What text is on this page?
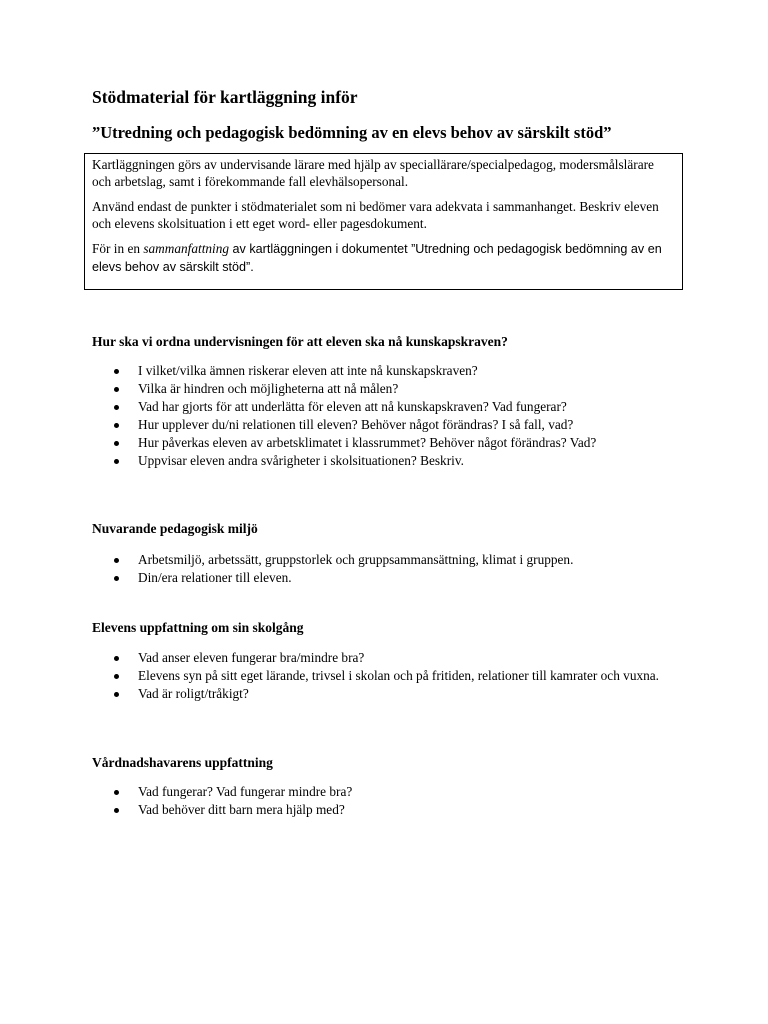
Stödmaterial för kartläggning inför
”Utredning och pedagogisk bedömning av en elevs behov av särskilt stöd”

Kartläggningen görs av undervisande lärare med hjälp av speciallärare/specialpedagog, modersmålslärare och arbetslag, samt i förekommande fall elevhälsopersonal.

Använd endast de punkter i stödmaterialet som ni bedömer vara adekvata i sammanhanget. Beskriv eleven och elevens skolsituation i ett eget word- eller pagesdokument.

För in en sammanfattning av kartläggningen i dokumentet ”Utredning och pedagogisk bedömning av en elevs behov av särskilt stöd”.

Hur ska vi ordna undervisningen för att eleven ska nå kunskapskraven?
I vilket/vilka ämnen riskerar eleven att inte nå kunskapskraven?
Vilka är hindren och möjligheterna att nå målen?
Vad har gjorts för att underlätta för eleven att nå kunskapskraven? Vad fungerar?
Hur upplever du/ni relationen till eleven? Behöver något förändras? I så fall, vad?
Hur påverkas eleven av arbetsklimatet i klassrummet? Behöver något förändras? Vad?
Uppvisar eleven andra svårigheter i skolsituationen? Beskriv.
Nuvarande pedagogisk miljö
Arbetsmiljö, arbetssätt, gruppstorlek och gruppsammansättning, klimat i gruppen.
Din/era relationer till eleven.
Elevens uppfattning om sin skolgång
Vad anser eleven fungerar bra/mindre bra?
Elevens syn på sitt eget lärande, trivsel i skolan och på fritiden, relationer till kamrater och vuxna.
Vad är roligt/tråkigt?
Vårdnadshavarens uppfattning
Vad fungerar? Vad fungerar mindre bra?
Vad behöver ditt barn mera hjälp med?
